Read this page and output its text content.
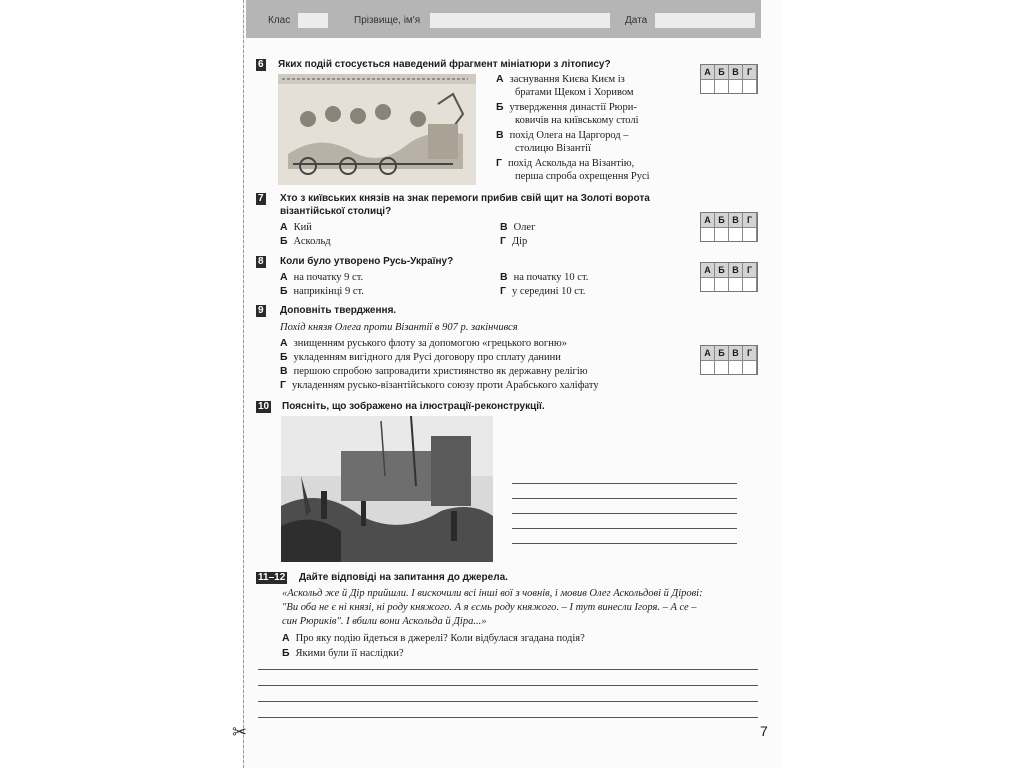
✂
Клас	Прізвище, ім'я	Дата
6 Яких подій стосується наведений фрагмент мініатюри з літопису?
А заснування Києва Києм із
братами Щеком і Хоривом
Б утвердження династії Рюри-
ковичів на київському столі
В похід Олега на Царгород –
столицю Візантії
Г похід Аскольда на Візантію,
перша спроба охрещення Русі
А Б В Г
7 Хто з київських князів на знак перемоги прибив свій щит на Золоті ворота
візантійської столиці?
А Кий
Б Аскольд
В Олег
Г Дір
А Б В Г
8 Коли було утворено Русь-Україну?
А на початку 9 ст.
Б наприкінці 9 ст.
В на початку 10 ст.
Г у середині 10 ст.
А Б В Г
9 Доповніть твердження.
Похід князя Олега проти Візантії в 907 р. закінчився
А знищенням руського флоту за допомогою «грецького вогню»
Б укладенням вигідного для Русі договору про сплату данини
В першою спробою запровадити християнство як державну релігію
Г укладенням русько-візантійського союзу проти Арабського халіфату
А Б В Г
10 Поясніть, що зображено на ілюстрації-реконструкції.
11–12 Дайте відповіді на запитання до джерела.
«Аскольд же й Дір прийшли. І вискочили всі інші вої з човнів, і мовив Олег Аскольдові й Дірові:
"Ви оба не є ні князі, ні роду княжого. А я єсмь роду княжого. – І тут винесли Ігоря. – А се –
син Рюриків". І вбили вони Аскольда й Діра...»
А Про яку подію йдеться в джерелі? Коли відбулася згадана подія?
Б Якими були її наслідки?
7
